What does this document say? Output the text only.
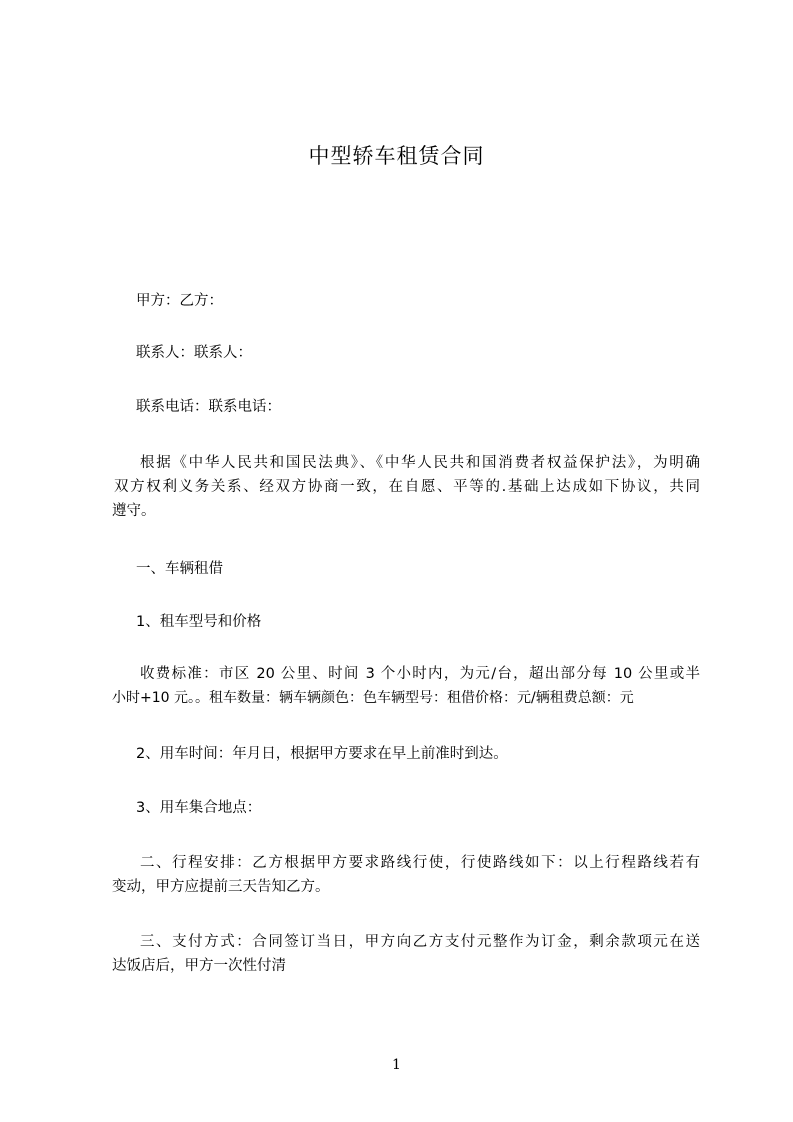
中型轿车租赁合同
甲方：乙方：
联系人：联系人：
联系电话：联系电话：
根据《中华人民共和国民法典》、《中华人民共和国消费者权益保护法》，为明确
双方权利义务关系、经双方协商一致，在自愿、平等的.基础上达成如下协议，共同
遵守。
一、车辆租借
1、租车型号和价格
收费标准：市区 20 公里、时间 3 个小时内，为元/台，超出部分每 10 公里或半
小时+10 元。。租车数量：辆车辆颜色：色车辆型号：租借价格：元/辆租费总额：元
2、用车时间：年月日，根据甲方要求在早上前准时到达。
3、用车集合地点：
二、行程安排：乙方根据甲方要求路线行使，行使路线如下：以上行程路线若有
变动，甲方应提前三天告知乙方。
三、支付方式：合同签订当日，甲方向乙方支付元整作为订金，剩余款项元在送
达饭店后，甲方一次性付清
1
